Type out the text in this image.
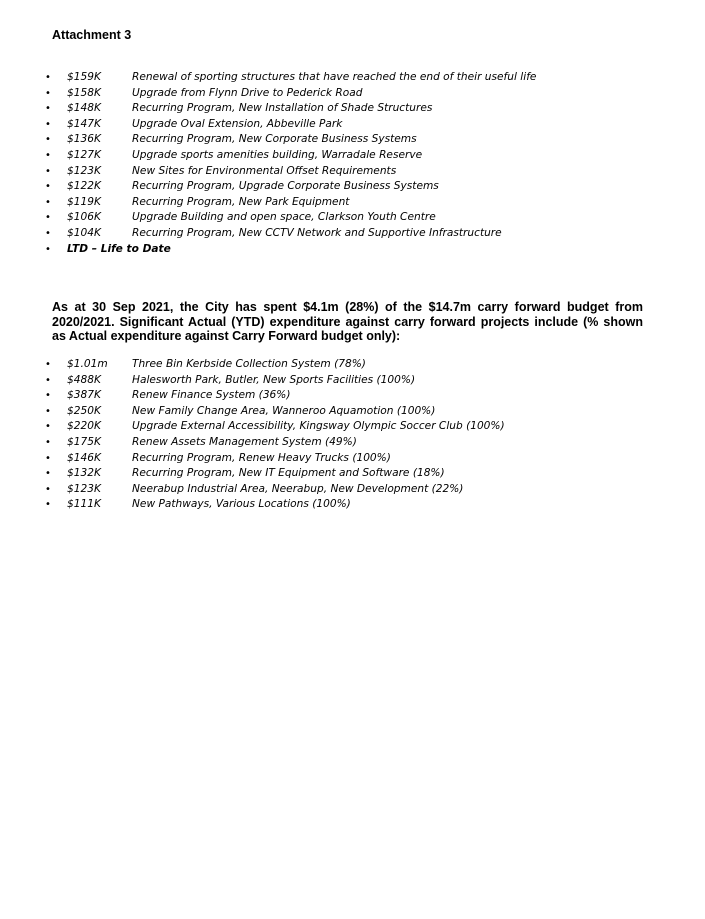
Attachment 3
• $159K	Renewal of sporting structures that have reached the end of their useful life
• $158K	Upgrade from Flynn Drive to Pederick Road
• $148K	Recurring Program, New Installation of Shade Structures
• $147K	Upgrade Oval Extension, Abbeville Park
• $136K	Recurring Program, New Corporate Business Systems
• $127K	Upgrade sports amenities building, Warradale Reserve
• $123K	New Sites for Environmental Offset Requirements
• $122K	Recurring Program, Upgrade Corporate Business Systems
• $119K	Recurring Program, New Park Equipment
• $106K	Upgrade Building and open space, Clarkson Youth Centre
• $104K	Recurring Program, New CCTV Network and Supportive Infrastructure
• LTD – Life to Date

As at 30 Sep 2021, the City has spent $4.1m (28%) of the $14.7m carry forward budget from 2020/2021. Significant Actual (YTD) expenditure against carry forward projects include (% shown as Actual expenditure against Carry Forward budget only):

• $1.01m Three Bin Kerbside Collection System (78%)
• $488K	Halesworth Park, Butler, New Sports Facilities (100%)
• $387K	Renew Finance System (36%)
• $250K	New Family Change Area, Wanneroo Aquamotion (100%)
• $220K	Upgrade External Accessibility, Kingsway Olympic Soccer Club (100%)
• $175K	Renew Assets Management System (49%)
• $146K	Recurring Program, Renew Heavy Trucks (100%)
• $132K	Recurring Program, New IT Equipment and Software (18%)
• $123K	Neerabup Industrial Area, Neerabup, New Development (22%)
• $111K	New Pathways, Various Locations (100%)
